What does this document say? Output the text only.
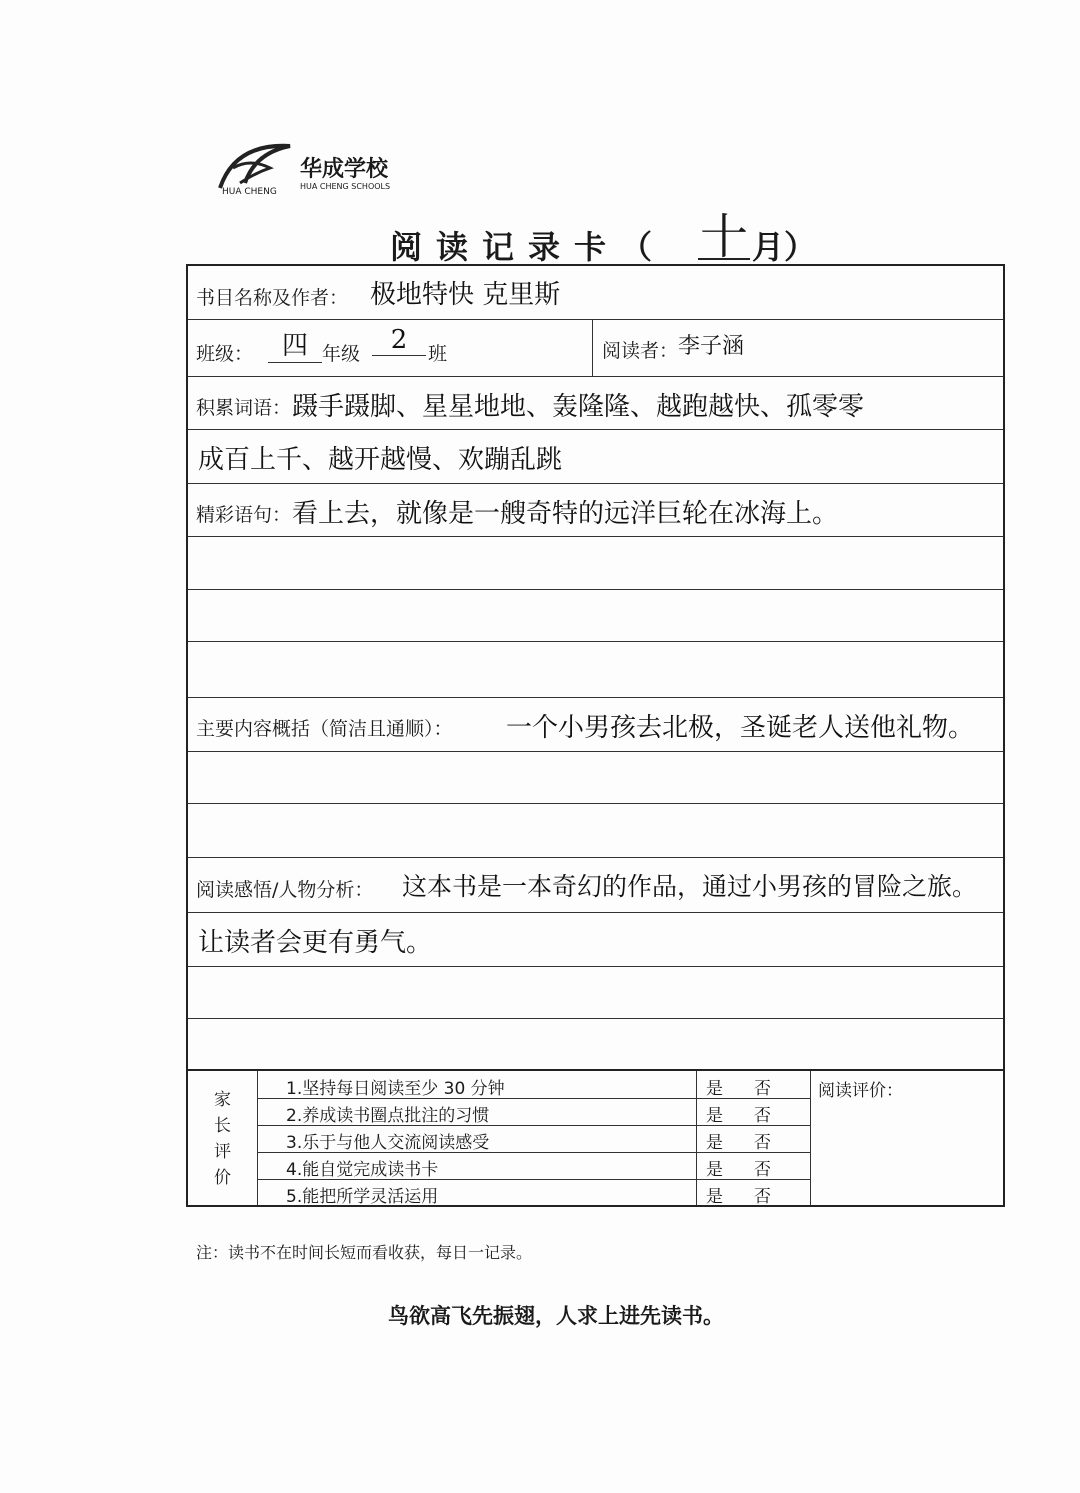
华成学校
HUA CHENG SCHOOLS
HUA CHENG
阅读记录卡（ 十 月）
书目名称及作者： 极地特快 克里斯
班级：	四 年级	2	班	阅读者： 李子涵
积累词语： 蹑手蹑脚、星星地地、轰隆隆、越跑越快、孤零零
成百上千、越开越慢、欢蹦乱跳
精彩语句： 看上去，就像是一艘奇特的远洋巨轮在冰海上。
主要内容概括（简洁且通顺）： 一个小男孩去北极，圣诞老人送他礼物。
阅读感悟/人物分析： 这本书是一本奇幻的作品，通过小男孩的冒险之旅。
让读者会更有勇气。
家
长
评
价
1.坚持每日阅读至少 30 分钟	是 否
2.养成读书圈点批注的习惯	是 否
3.乐于与他人交流阅读感受	是 否
4.能自觉完成读书卡	是 否
5.能把所学灵活运用	是 否
阅读评价：
注：读书不在时间长短而看收获，每日一记录。
鸟欲高飞先振翅，人求上进先读书。
